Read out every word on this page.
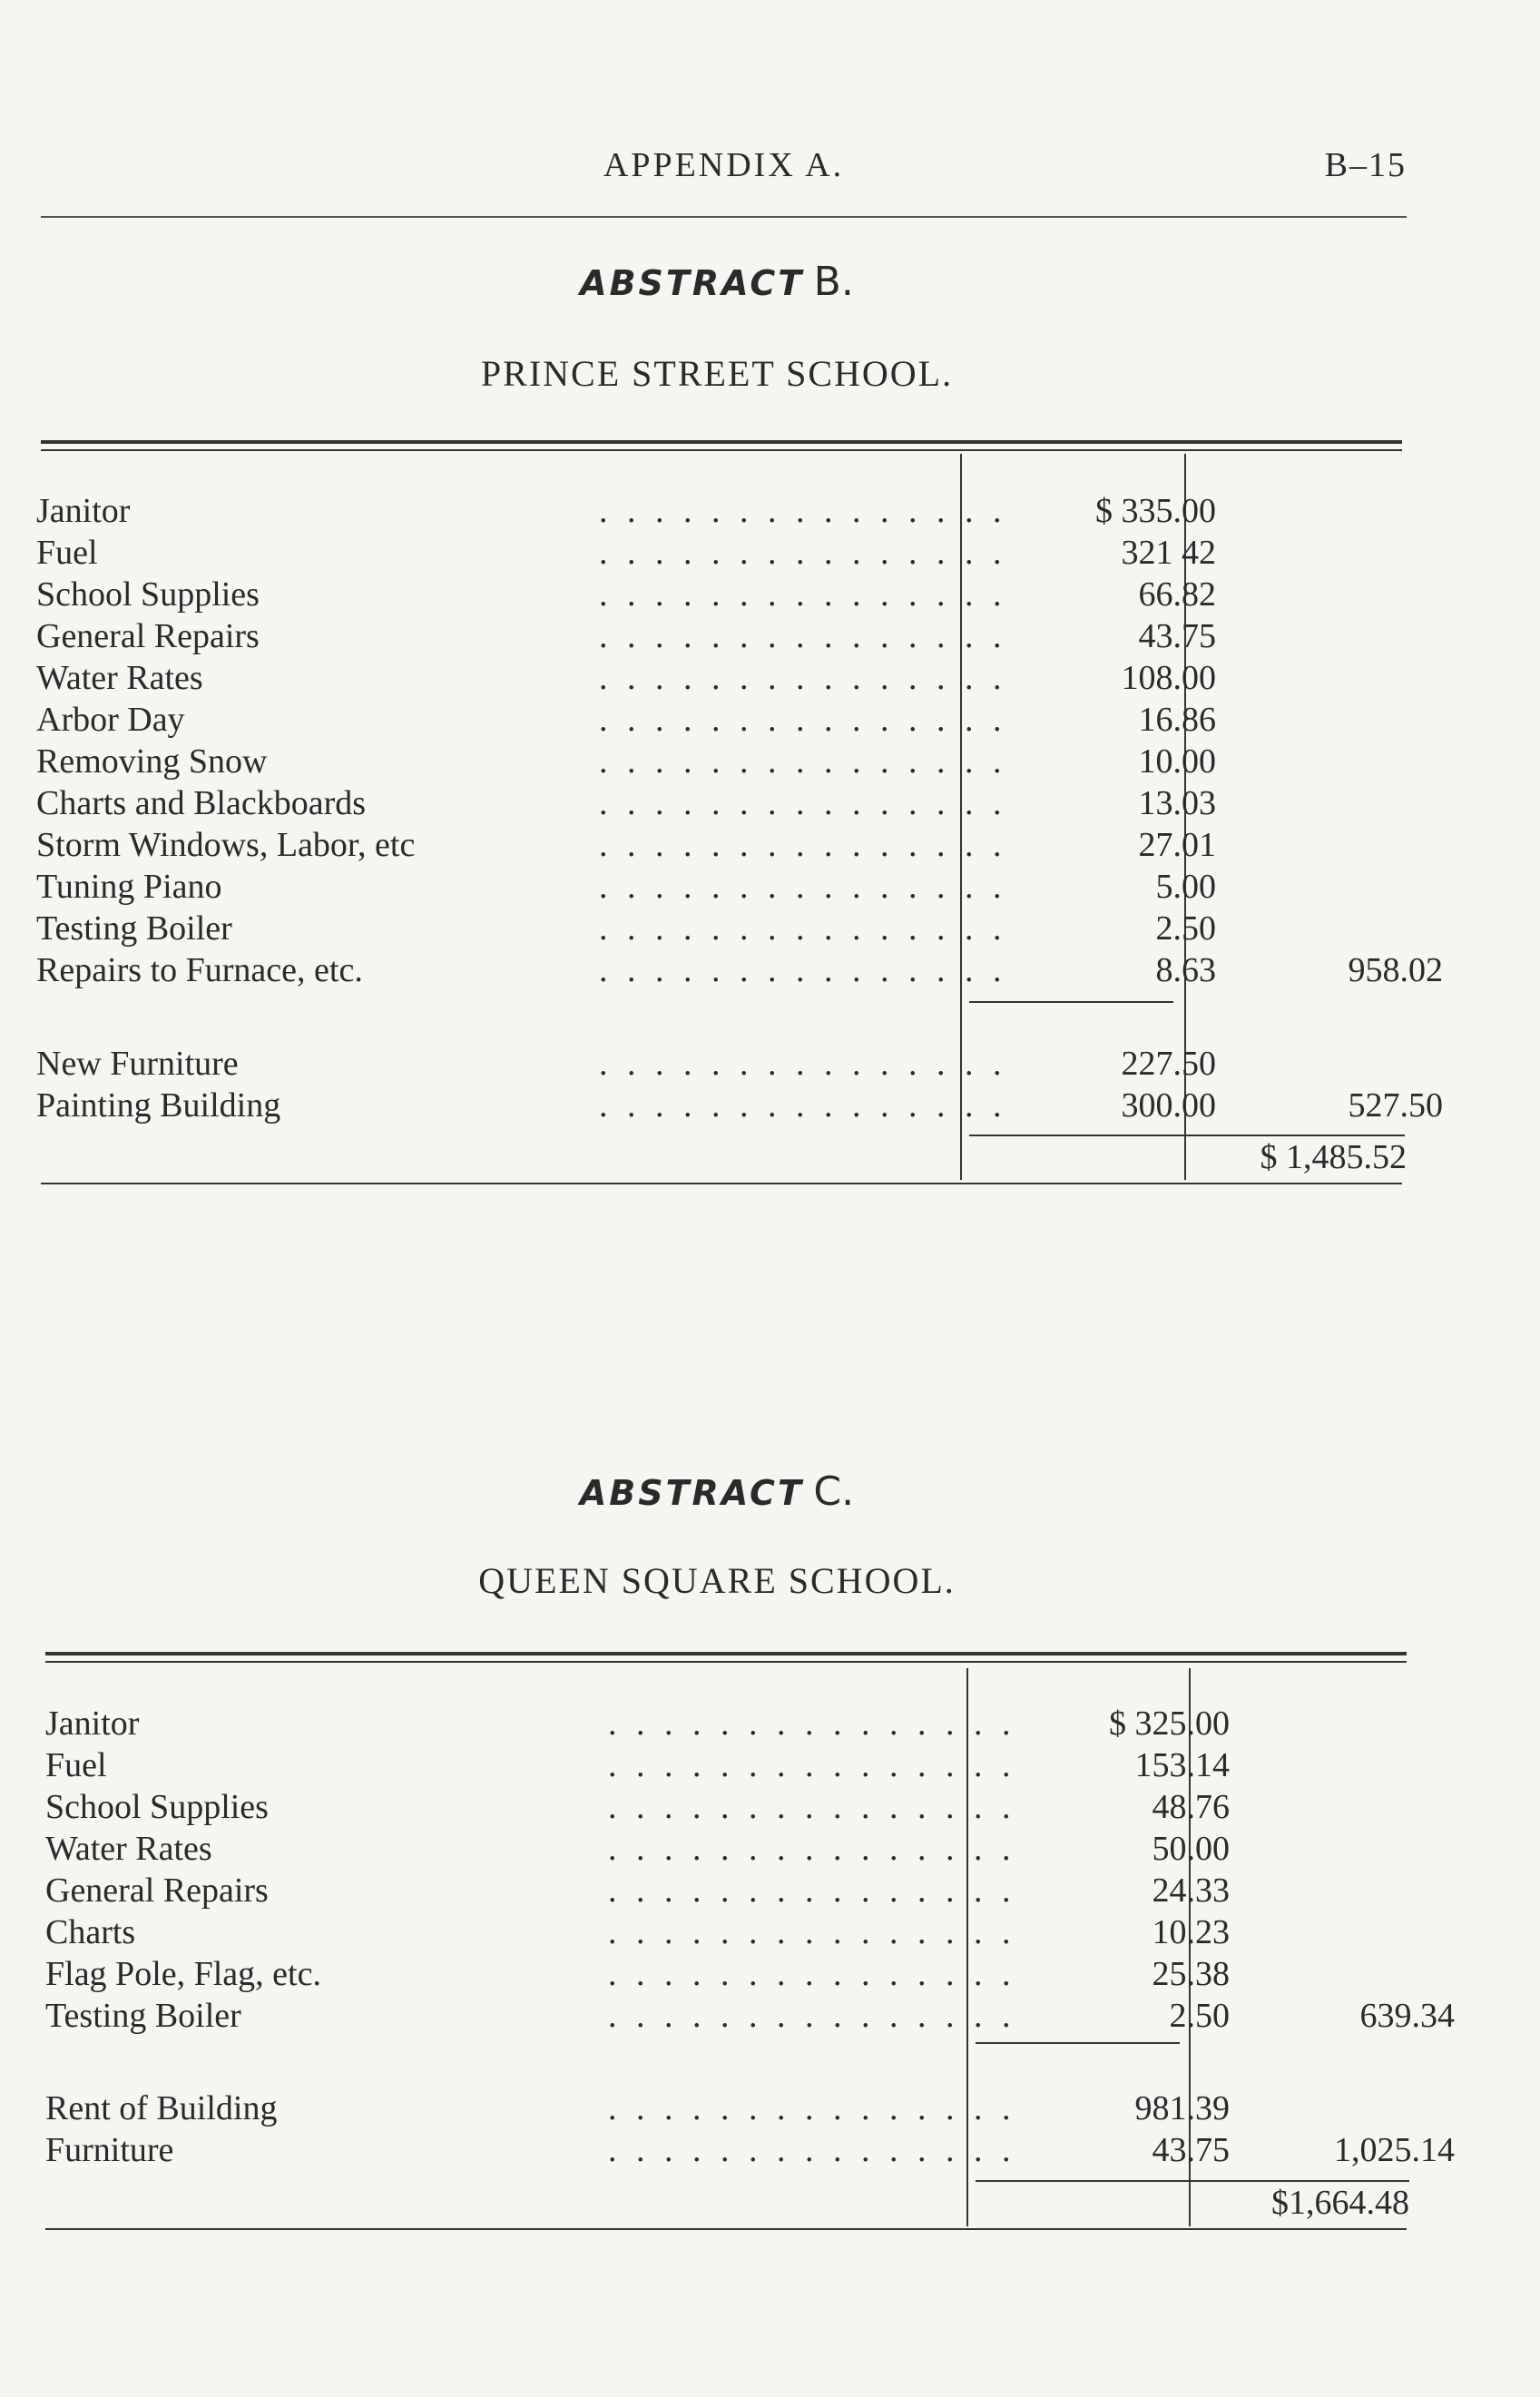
APPENDIX A.	B–15
ABSTRACT B.
PRINCE STREET SCHOOL.
Janitor	. . . . . . . . . . . . . . .	$ 335.00
Fuel	. . . . . . . . . . . . . . .	321 42
School Supplies	. . . . . . . . . . . . . . .	66.82
General Repairs	. . . . . . . . . . . . . . .	43.75
Water Rates	. . . . . . . . . . . . . . .	108.00
Arbor Day	. . . . . . . . . . . . . . .	16.86
Removing Snow	. . . . . . . . . . . . . . .	10.00
Charts and Blackboards	. . . . . . . . . . . . . . .	13.03
Storm Windows, Labor, etc	. . . . . . . . . . . . . . .	27.01
Tuning Piano	. . . . . . . . . . . . . . .	5.00
Testing Boiler	. . . . . . . . . . . . . . .	2.50
Repairs to Furnace, etc.	. . . . . . . . . . . . . . .	8.63	958.02
New Furniture	. . . . . . . . . . . . . . .	227.50
Painting Building	. . . . . . . . . . . . . . .	300.00	527.50
$ 1,485.52
ABSTRACT C.
QUEEN SQUARE SCHOOL.
Janitor	. . . . . . . . . . . . . . .	$ 325.00
Fuel	. . . . . . . . . . . . . . .	153.14
School Supplies	. . . . . . . . . . . . . . .	48.76
Water Rates	. . . . . . . . . . . . . . .	50.00
General Repairs	. . . . . . . . . . . . . . .	24.33
Charts	. . . . . . . . . . . . . . .	10.23
Flag Pole, Flag, etc.	. . . . . . . . . . . . . . .	25.38
Testing Boiler	. . . . . . . . . . . . . . .	2.50	639.34
Rent of Building	. . . . . . . . . . . . . . .	981.39
Furniture	. . . . . . . . . . . . . . .	43.75	1,025.14
$1,664.48
